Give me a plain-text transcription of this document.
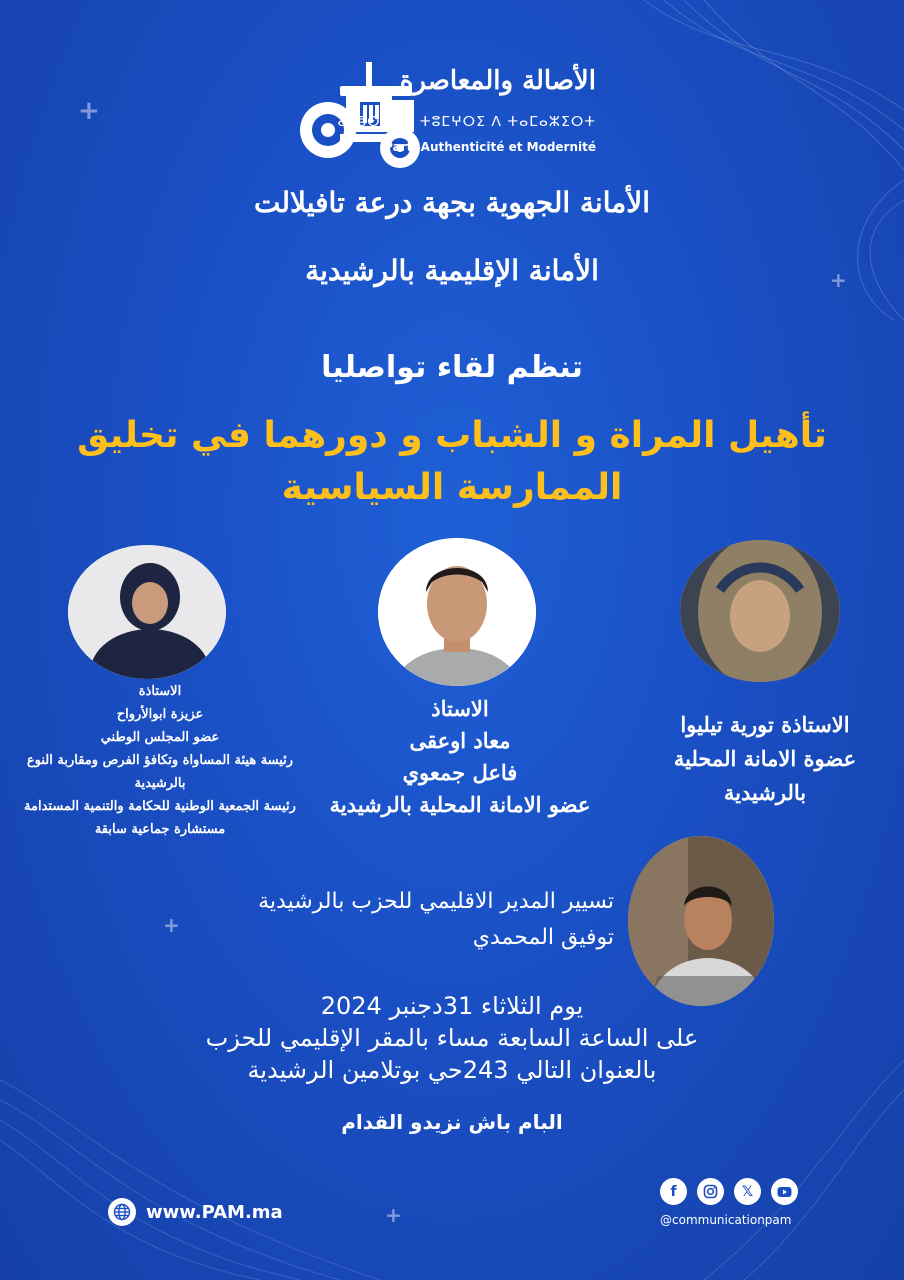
+
+
+
+
الأصالة والمعاصرة
ⴰⵎⵓⵙⵙⵓ ⵏ ⵜⵓⵎⵖⵔⵉ ⴷ ⵜⴰⵎⴰⵣⵉⵔⵜ
Parti Authenticité et Modernité
الأمانة الجهوية بجهة درعة تافيلالت
الأمانة الإقليمية بالرشيدية
تنظم لقاء تواصليا
تأهيل المراة و الشباب و دورهما في تخليق الممارسة السياسية
الاستاذة
عزيزة ابوالأرواح
عضو المجلس الوطني
رئيسة هيئة المساواة وتكافؤ الفرص ومقاربة النوع بالرشيدية
رئيسة الجمعية الوطنية للحكامة والتنمية المستدامة
مستشارة جماعية سابقة
الاستاذ
معاد اوعقى
فاعل جمعوي
عضو الامانة المحلية بالرشيدية
الاستاذة تورية تيليوا
عضوة الامانة المحلية بالرشيدية
تسيير المدير الاقليمي للحزب بالرشيدية
توفيق المحمدي
يوم الثلاثاء 31دجنبر 2024
على الساعة السابعة مساء بالمقر الإقليمي للحزب
بالعنوان التالي 243حي بوتلامين الرشيدية
البام باش نزيدو القدام
www.PAM.ma
f	𝕏
@communicationpam
